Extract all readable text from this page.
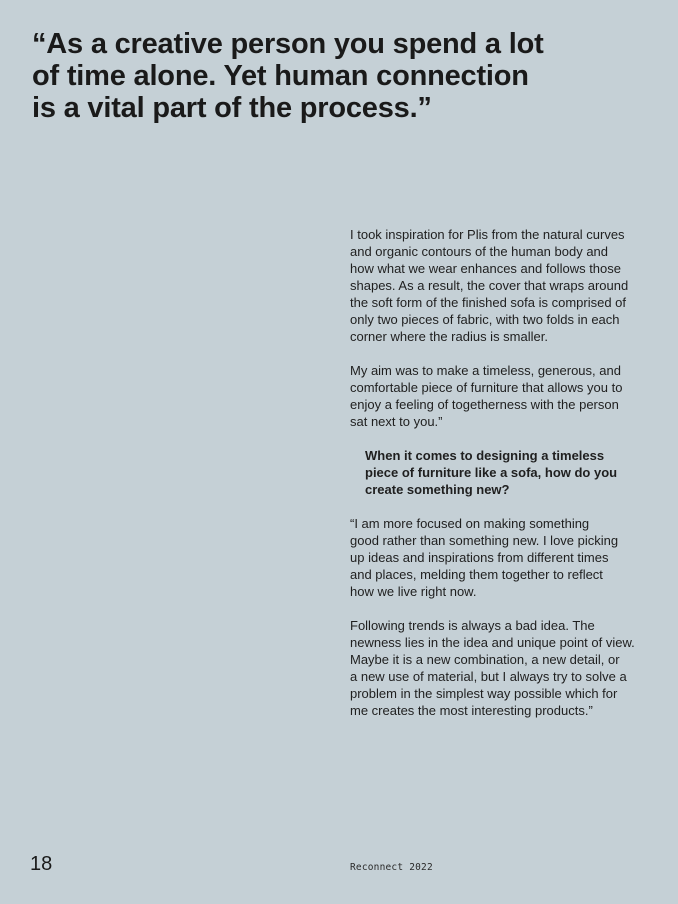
“As a creative person you spend a lot
of time alone. Yet human connection
is a vital part of the process.”

I took inspiration for Plis from the natural curves
and organic contours of the human body and
how what we wear enhances and follows those
shapes. As a result, the cover that wraps around
the soft form of the finished sofa is comprised of
only two pieces of fabric, with two folds in each
corner where the radius is smaller.

My aim was to make a timeless, generous, and
comfortable piece of furniture that allows you to
enjoy a feeling of togetherness with the person
sat next to you.”

When it comes to designing a timeless
piece of furniture like a sofa, how do you
create something new?

“I am more focused on making something
good rather than something new. I love picking
up ideas and inspirations from different times
and places, melding them together to reflect
how we live right now.

Following trends is always a bad idea. The
newness lies in the idea and unique point of view.
Maybe it is a new combination, a new detail, or
a new use of material, but I always try to solve a
problem in the simplest way possible which for
me creates the most interesting products.”

18	Reconnect 2022
